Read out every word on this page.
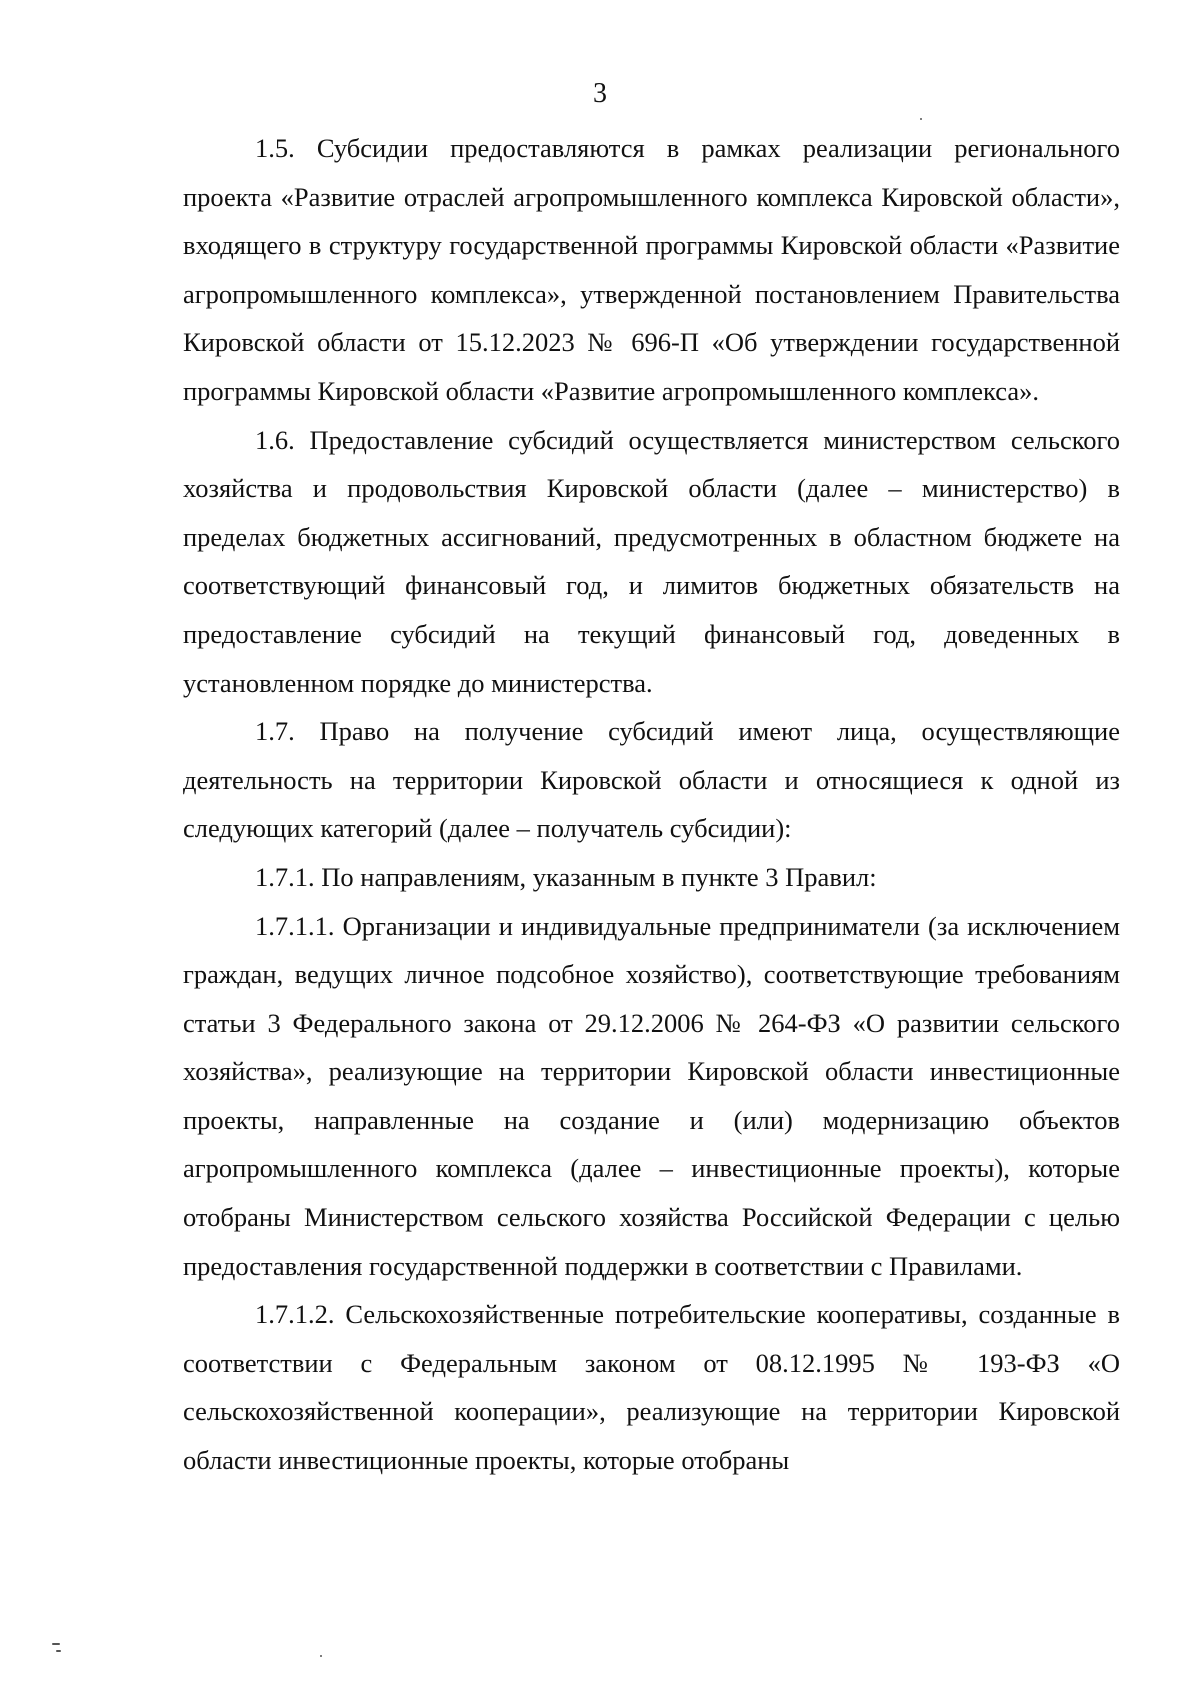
3

1.5. Субсидии предоставляются в рамках реализации регионального проекта «Развитие отраслей агропромышленного комплекса Кировской области», входящего в структуру государственной программы Кировской области «Развитие агропромышленного комплекса», утвержденной постановлением Правительства Кировской области от 15.12.2023 № 696-П «Об утверждении государственной программы Кировской области «Развитие агропромышленного комплекса».

1.6. Предоставление субсидий осуществляется министерством сельского хозяйства и продовольствия Кировской области (далее – министерство) в пределах бюджетных ассигнований, предусмотренных в областном бюджете на соответствующий финансовый год, и лимитов бюджетных обязательств на предоставление субсидий на текущий финансовый год, доведенных в установленном порядке до министерства.

1.7. Право на получение субсидий имеют лица, осуществляющие деятельность на территории Кировской области и относящиеся к одной из следующих категорий (далее – получатель субсидии):

1.7.1. По направлениям, указанным в пункте 3 Правил:

1.7.1.1. Организации и индивидуальные предприниматели (за исключением граждан, ведущих личное подсобное хозяйство), соответствующие требованиям статьи 3 Федерального закона от 29.12.2006 № 264-ФЗ «О развитии сельского хозяйства», реализующие на территории Кировской области инвестиционные проекты, направленные на создание и (или) модернизацию объектов агропромышленного комплекса (далее – инвестиционные проекты), которые отобраны Министерством сельского хозяйства Российской Федерации с целью предоставления государственной поддержки в соответствии с Правилами.

1.7.1.2. Сельскохозяйственные потребительские кооперативы, созданные в соответствии с Федеральным законом от 08.12.1995 № 193-ФЗ «О сельскохозяйственной кооперации», реализующие на территории Кировской области инвестиционные проекты, которые отобраны
